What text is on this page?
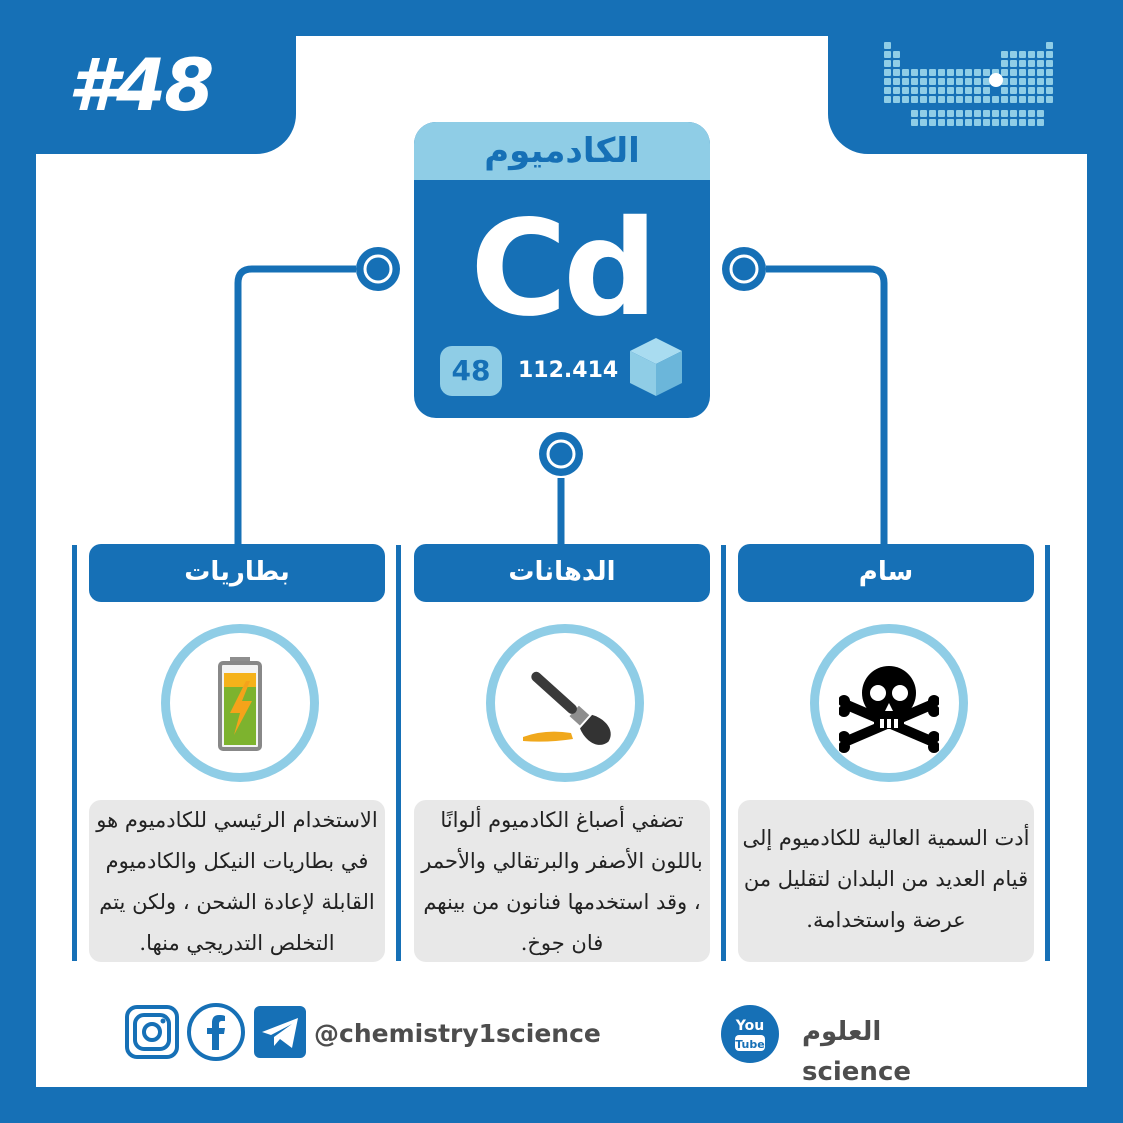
#48
الكادميوم
Cd
48	112.414
سام
أدت السمية العالية للكادميوم إلى قيام العديد من البلدان لتقليل من عرضة واستخدامة.
الدهانات
تضفي أصباغ الكادميوم ألوانًا باللون الأصفر والبرتقالي والأحمر ، وقد استخدمها فنانون من بينهم فان جوخ.
بطاريات
الاستخدام الرئيسي للكادميوم هو في بطاريات النيكل والكادميوم القابلة لإعادة الشحن ، ولكن يتم التخلص التدريجي منها.
@chemistry1science	You
Tube العلوم science
